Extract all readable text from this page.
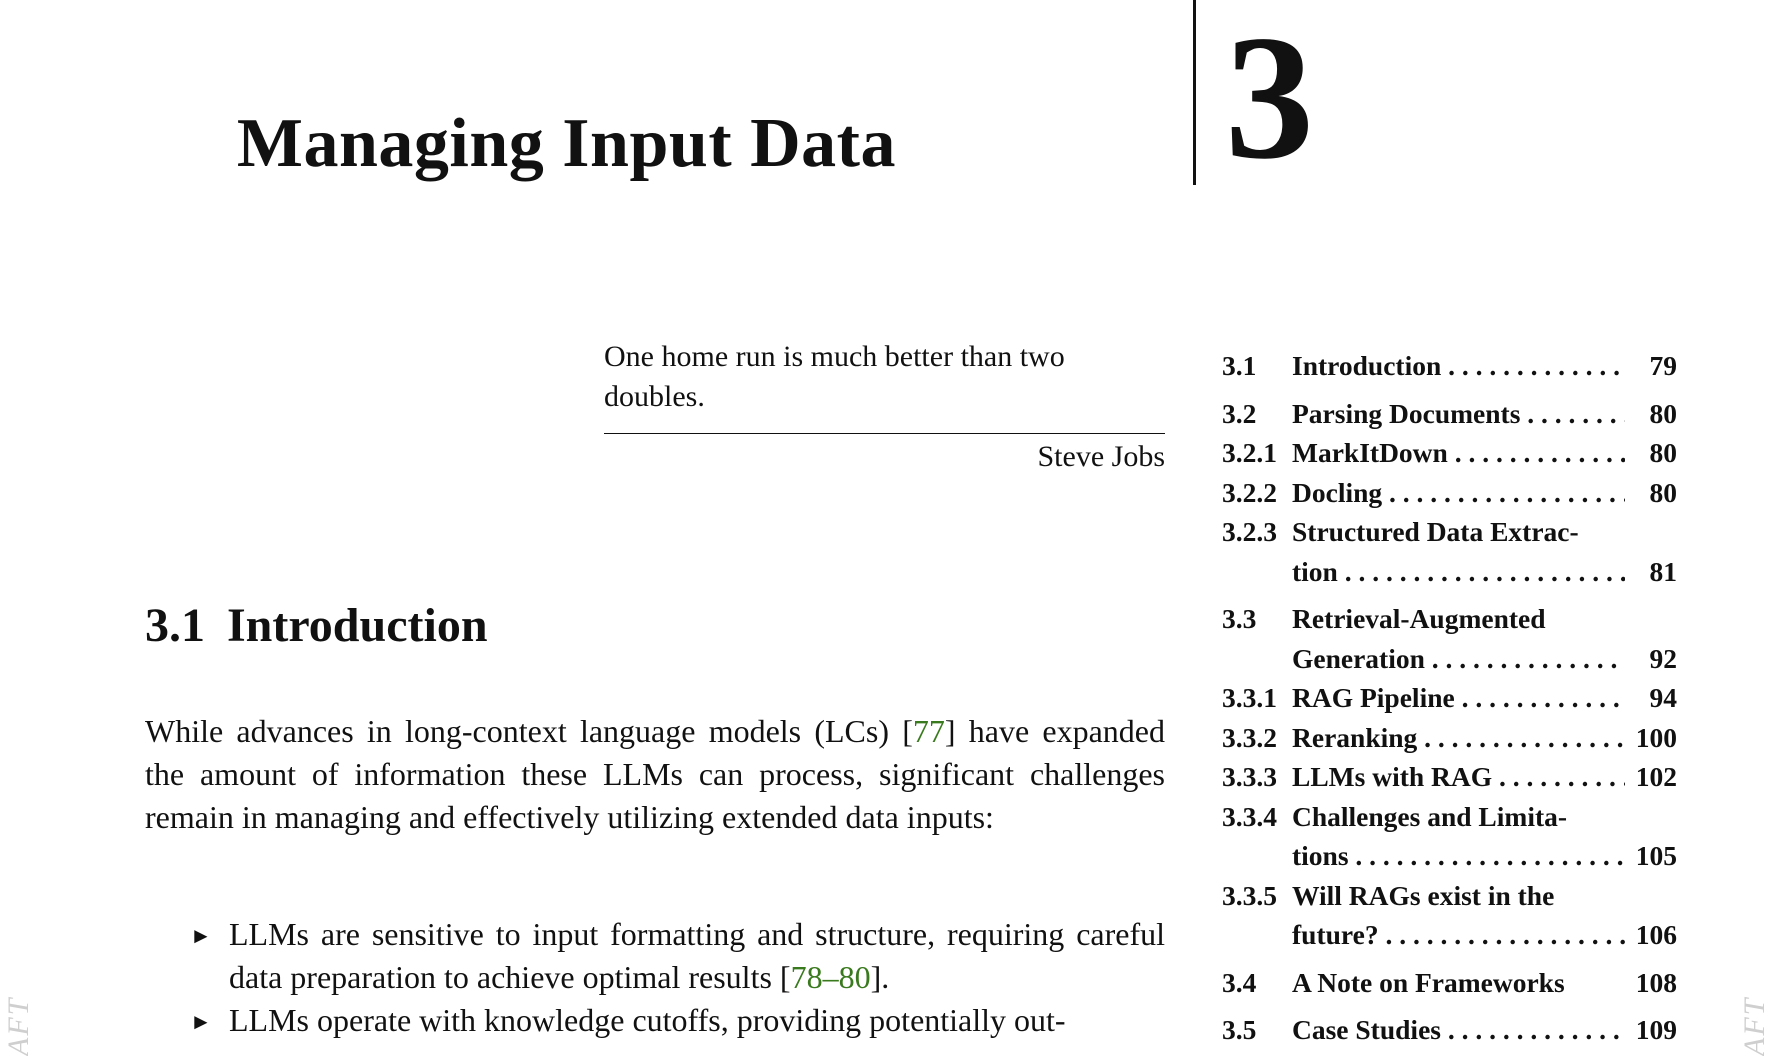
Managing Input Data 3
One home run is much better than two
doubles.
Steve Jobs
3.1 Introduction

While advances in long-context language models (LCs) [77] have expanded the amount of information these LLMs can process, significant challenges remain in managing and effectively utilizing extended data inputs:

► LLMs are sensitive to input formatting and structure, requiring careful data preparation to achieve optimal results [78–80].
► LLMs operate with knowledge cutoffs, providing potentially out-
3.1	Introduction . . .	79
3.2	Parsing Documents . . .	80
3.2.1 MarkItDown . . .	80
3.2.2 Docling . . .	80
3.2.3 Structured Data Extrac-
tion . . .	81
3.3	Retrieval-Augmented
Generation . . .	92
3.3.1 RAG Pipeline . . .	94
3.3.2 Reranking . . .	100
3.3.3 LLMs with RAG . . .	102
3.3.4 Challenges and Limita-
tions . . .	105
3.3.5 Will RAGs exist in the
future? . . .	106
3.4	A Note on Frameworks	108
3.5	Case Studies . . .	109
AFT	AFT
